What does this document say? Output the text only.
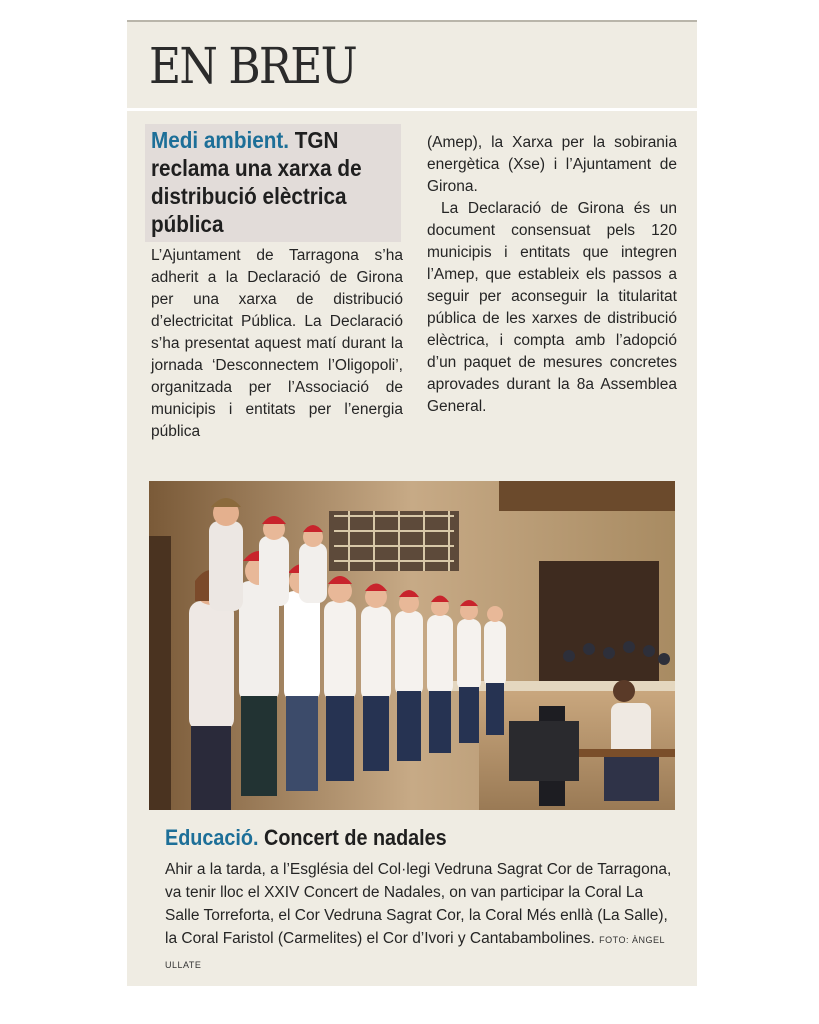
EN BREU
Medi ambient. TGN reclama una xarxa de distribució elèctrica pública
L’Ajuntament de Tarragona s’ha adherit a la Declaració de Girona per una xarxa de distribució d’electricitat Pública. La Declaració s’ha presentat aquest matí durant la jornada ‘Desconnectem l’Oligopoli’, organitzada per l’Associació de municipis i entitats per l’energia pública

(Amep), la Xarxa per la sobirania energètica (Xse) i l’Ajuntament de Girona.

La Declaració de Girona és un document consensuat pels 120 municipis i entitats que integren l’Amep, que estableix els passos a seguir per aconseguir la titularitat pública de les xarxes de distribució elèctrica, i compta amb l’adopció d’un paquet de mesures concretes aprovades durant la 8a Assemblea General.

Educació. Concert de nadales
Ahir a la tarda, a l’Església del Col·legi Vedruna Sagrat Cor de Tarragona, va tenir lloc el XXIV Concert de Nadales, on van participar la Coral La Salle Torreforta, el Cor Vedruna Sagrat Cor, la Coral Més enllà (La Salle), la Coral Faristol (Carmelites) el Cor d’Ivori y Cantabambolines. FOTO: ÀNGEL ULLATE
